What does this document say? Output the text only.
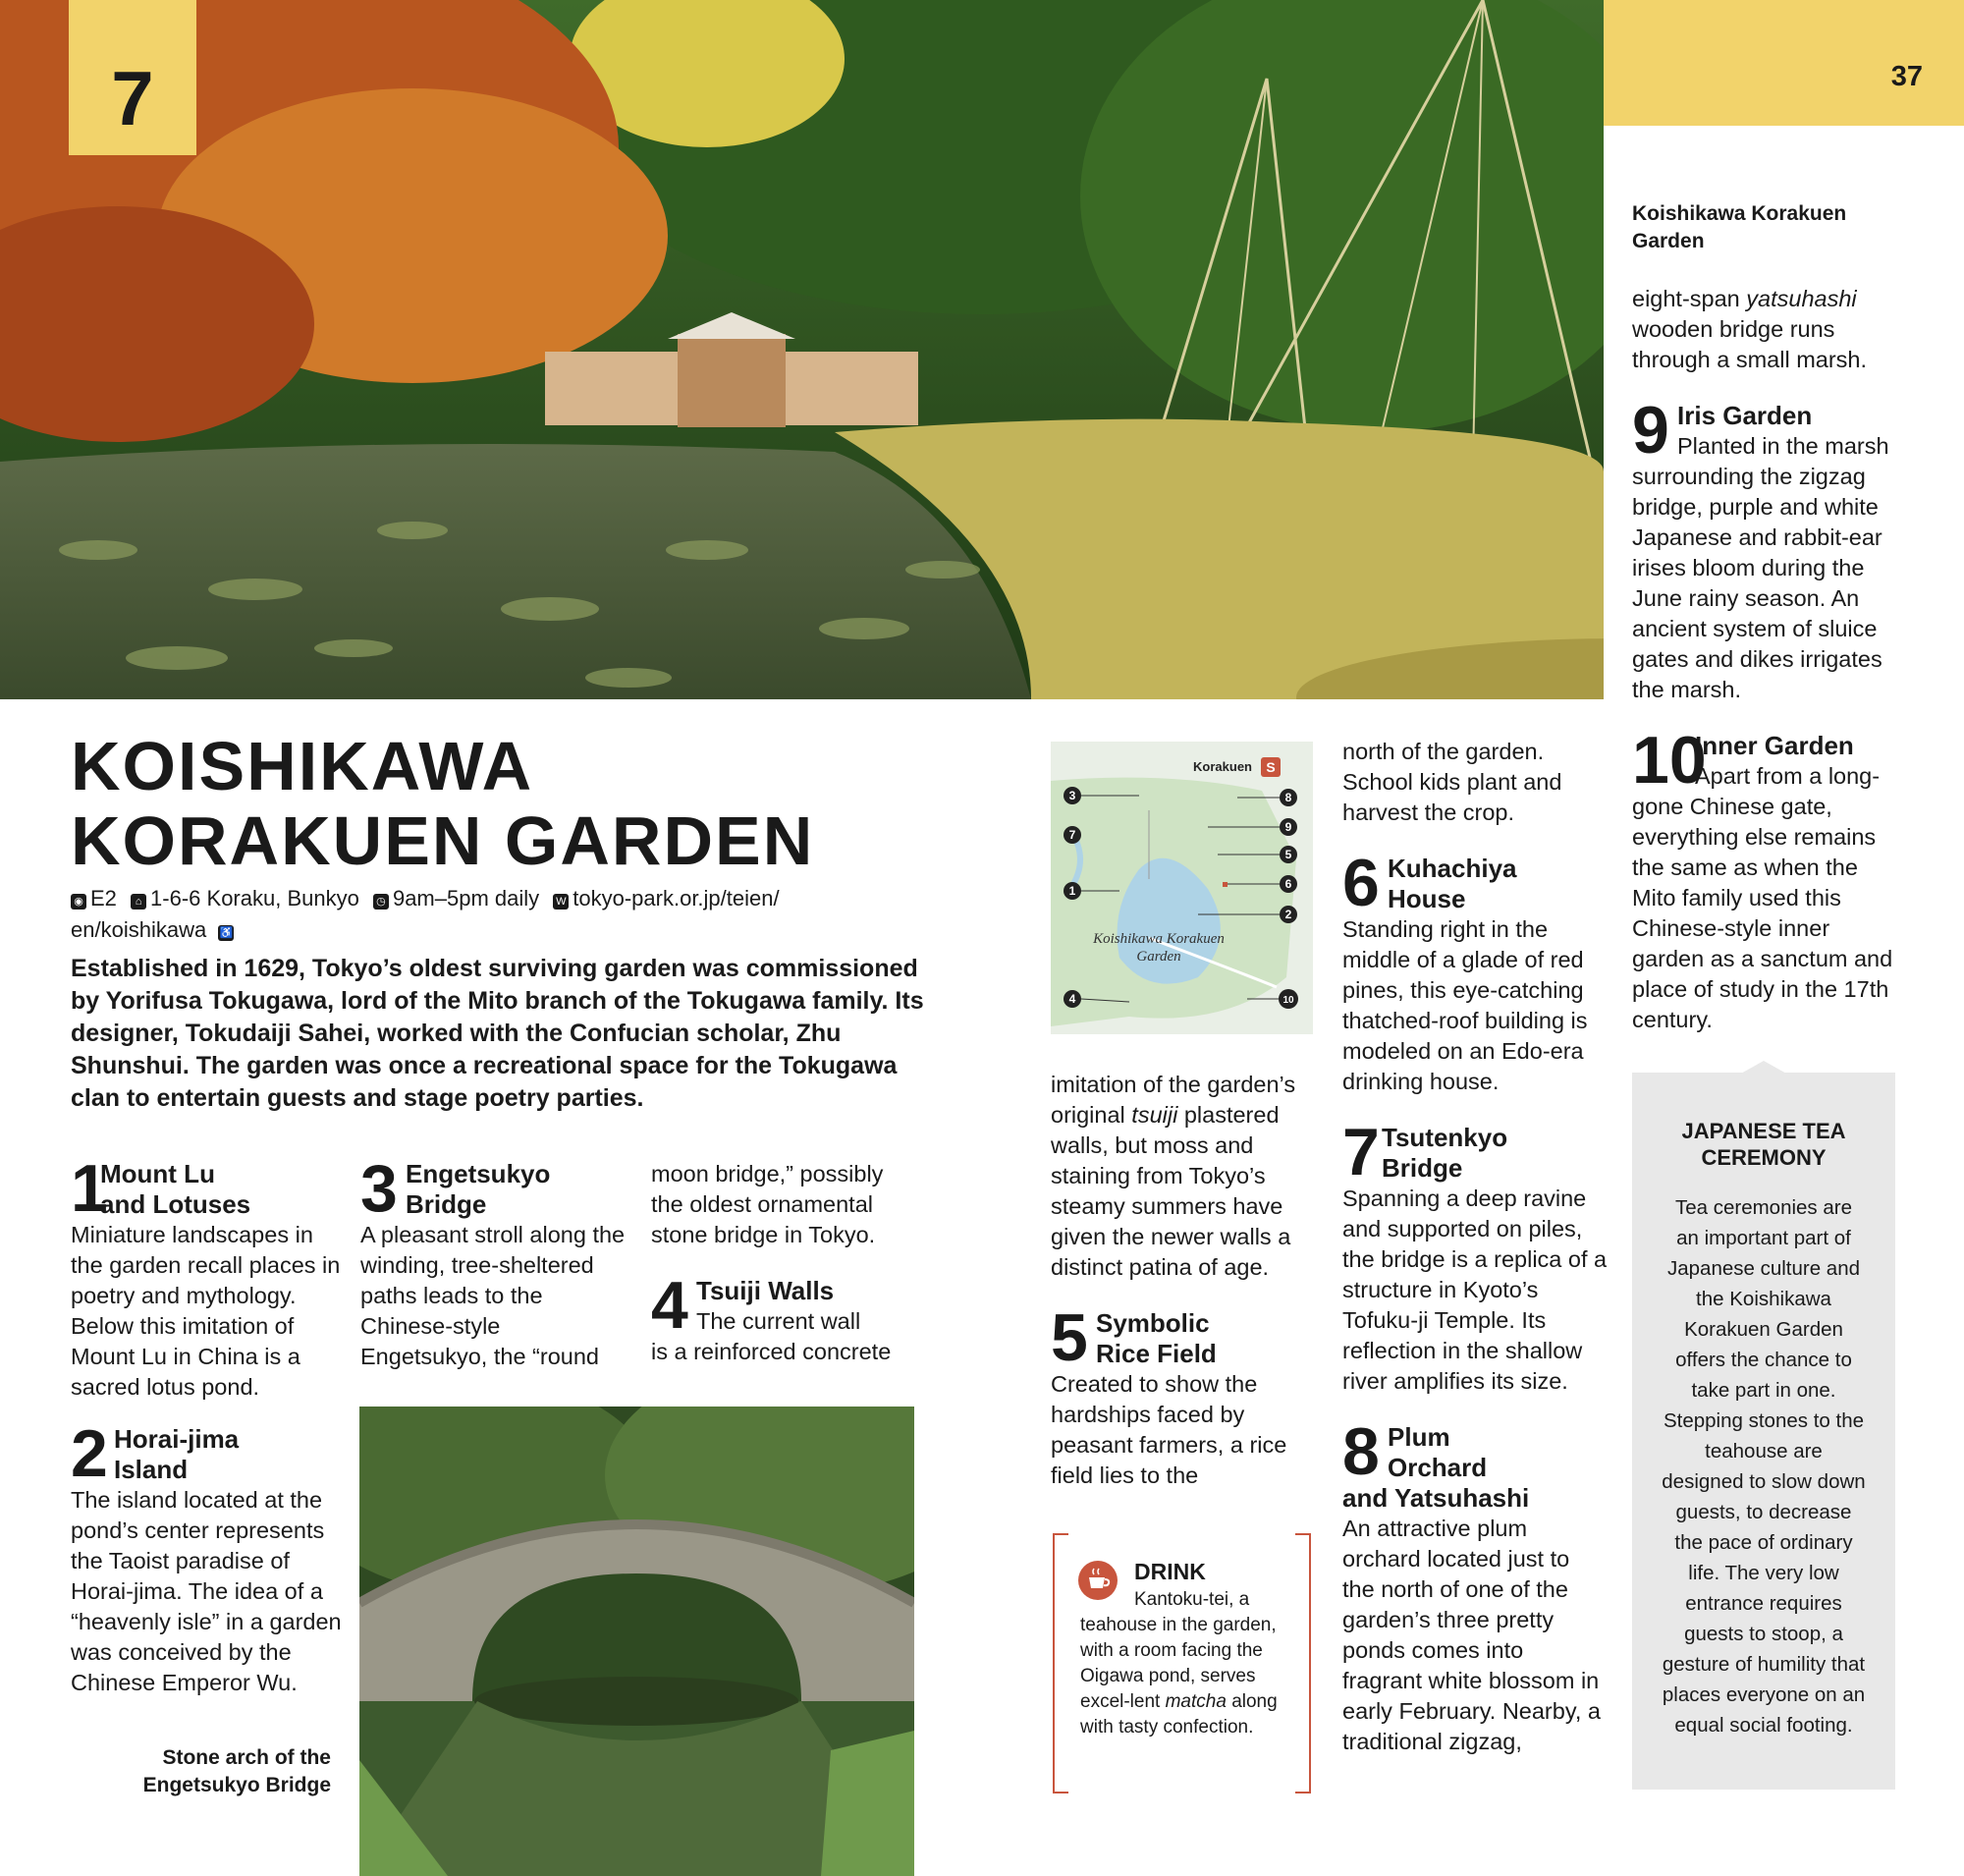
7	37
Koishikawa Korakuen Garden
KOISHIKAWA
KORAKUEN GARDEN
◉ E2 ⌂ 1-6-6 Koraku, Bunkyo ◷ 9am–5pm daily W tokyo-park.or.jp/teien/
en/koishikawa ♿
Established in 1629, Tokyo’s oldest surviving garden was commissioned by Yorifusa Tokugawa, lord of the Mito branch of the Tokugawa family. Its designer, Tokudaiji Sahei, worked with the Confucian scholar, Zhu Shunshui. The garden was once a recreational space for the Tokugawa clan to entertain guests and stage poetry parties.
1
Mount Lu
and Lotuses
Miniature landscapes in the garden recall places in poetry and mythology. Below this imitation of Mount Lu in China is a sacred lotus pond.
2 Horai-jima
Island
The island located at the pond’s center represents the Taoist paradise of Horai-jima. The idea of a “heavenly isle” in a garden was conceived by the Chinese Emperor Wu.
Stone arch of the
Engetsukyo Bridge
3 Engetsukyo
Bridge
A pleasant stroll along the winding, tree-sheltered paths leads to the Chinese-style Engetsukyo, the “round
moon bridge,” possibly the oldest ornamental stone bridge in Tokyo.
4 Tsuiji Walls
The current wall
is a reinforced concrete
3
7
1
4
8
9
5
6
2
10
Korakuen S
Koishikawa Korakuen
Garden
imitation of the garden’s original tsuiji plastered walls, but moss and staining from Tokyo’s steamy summers have given the newer walls a distinct patina of age.
5 Symbolic
Rice Field
Created to show the hardships faced by peasant farmers, a rice field lies to the
DRINK
Kantoku-tei, a teahouse in the garden, with a room facing the Oigawa pond, serves excel-lent matcha along with tasty confection.
north of the garden. School kids plant and harvest the crop.
6 Kuhachiya
House
Standing right in the middle of a glade of red pines, this eye-catching thatched-roof building is modeled on an Edo-era drinking house.
7 Tsutenkyo
Bridge
Spanning a deep ravine and supported on piles, the bridge is a replica of a structure in Kyoto’s Tofuku-ji Temple. Its reflection in the shallow river amplifies its size.
8 Plum
Orchard
and Yatsuhashi
An attractive plum orchard located just to the north of one of the garden’s three pretty ponds comes into fragrant white blossom in early February. Nearby, a traditional zigzag,
eight-span yatsuhashi wooden bridge runs through a small marsh.
9 Iris Garden
Planted in the marsh surrounding the zigzag bridge, purple and white Japanese and rabbit-ear irises bloom during the June rainy season. An ancient system of sluice gates and dikes irrigates the marsh.
10
Inner Garden
Apart from a long-gone Chinese gate, everything else remains the same as when the Mito family used this Chinese-style inner garden as a sanctum and place of study in the 17th century.
JAPANESE TEA
CEREMONY
Tea ceremonies are an important part of Japanese culture and the Koishikawa Korakuen Garden offers the chance to take part in one. Stepping stones to the teahouse are designed to slow down guests, to decrease the pace of ordinary life. The very low entrance requires guests to stoop, a gesture of humility that places everyone on an equal social footing.
